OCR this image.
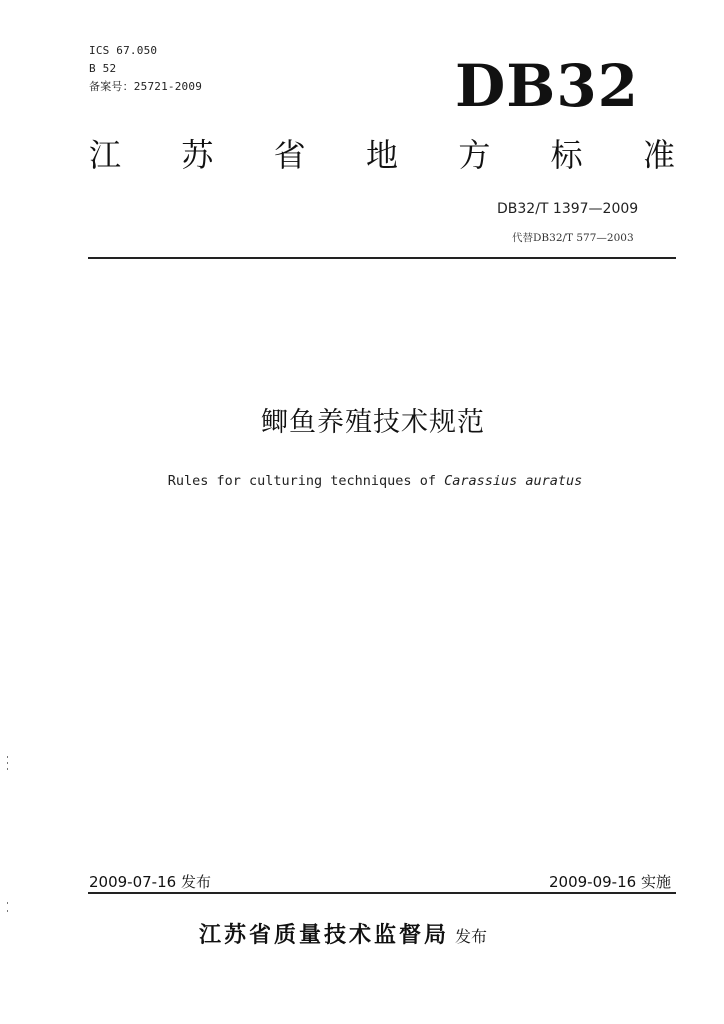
ICS 67.050
B 52
备案号：25721-2009	DB32
江 苏 省 地 方 标 准
DB32/T 1397—2009
代替DB32/T 577—2003
鲫鱼养殖技术规范
Rules for culturing techniques of Carassius auratus
2009-07-16 发布	2009-09-16 实施
江苏省质量技术监督局 发布
